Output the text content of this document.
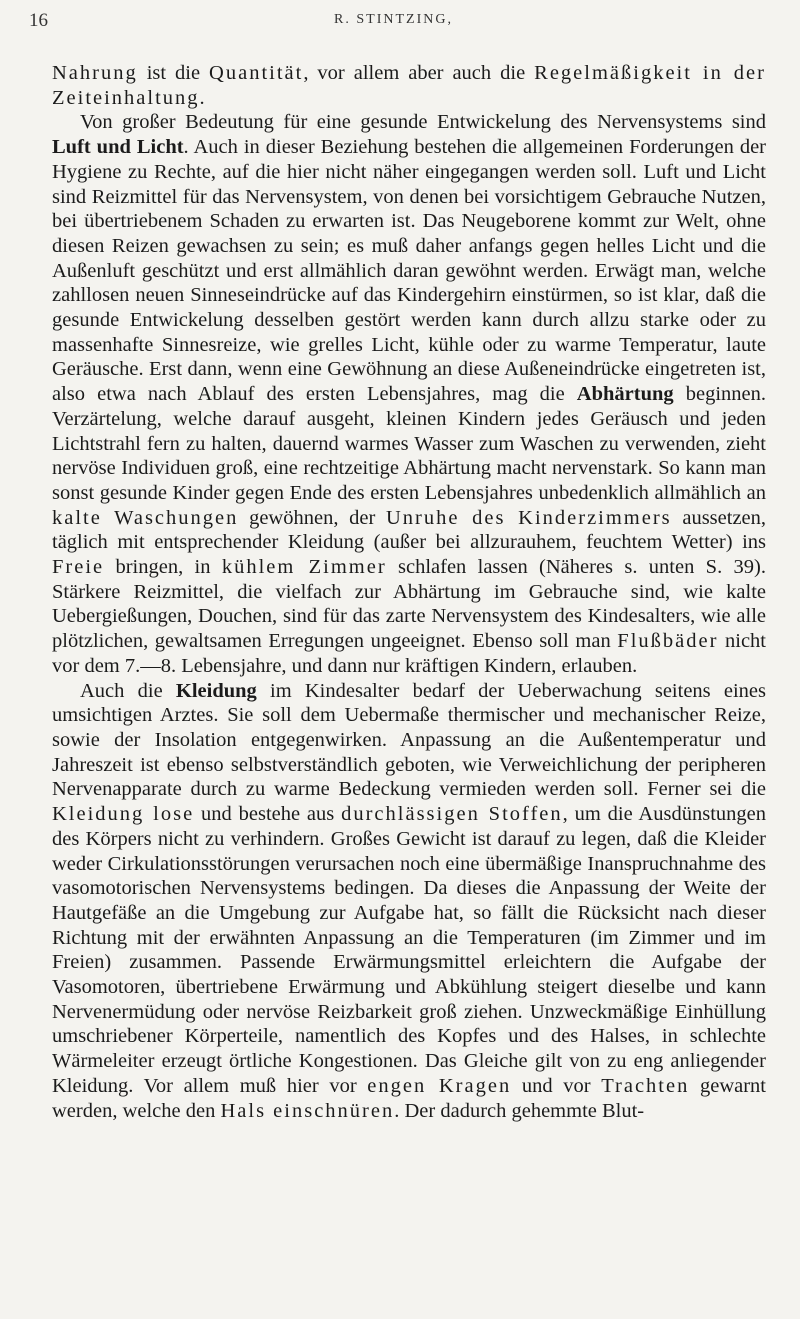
16	R. STINTZING,

Nahrung ist die Quantität, vor allem aber auch die Regelmäßigkeit in der Zeiteinhaltung.

Von großer Bedeutung für eine gesunde Entwickelung des Nervensystems sind Luft und Licht. Auch in dieser Beziehung bestehen die allgemeinen Forderungen der Hygiene zu Rechte, auf die hier nicht näher eingegangen werden soll. Luft und Licht sind Reizmittel für das Nervensystem, von denen bei vorsichtigem Gebrauche Nutzen, bei übertriebenem Schaden zu erwarten ist. Das Neugeborene kommt zur Welt, ohne diesen Reizen gewachsen zu sein; es muß daher anfangs gegen helles Licht und die Außenluft geschützt und erst allmählich daran gewöhnt werden. Erwägt man, welche zahllosen neuen Sinneseindrücke auf das Kindergehirn einstürmen, so ist klar, daß die gesunde Entwickelung desselben gestört werden kann durch allzu starke oder zu massenhafte Sinnesreize, wie grelles Licht, kühle oder zu warme Temperatur, laute Geräusche. Erst dann, wenn eine Gewöhnung an diese Außeneindrücke eingetreten ist, also etwa nach Ablauf des ersten Lebensjahres, mag die Abhärtung beginnen. Verzärtelung, welche darauf ausgeht, kleinen Kindern jedes Geräusch und jeden Lichtstrahl fern zu halten, dauernd warmes Wasser zum Waschen zu verwenden, zieht nervöse Individuen groß, eine rechtzeitige Abhärtung macht nervenstark. So kann man sonst gesunde Kinder gegen Ende des ersten Lebensjahres unbedenklich allmählich an kalte Waschungen gewöhnen, der Unruhe des Kinderzimmers aussetzen, täglich mit entsprechender Kleidung (außer bei allzurauhem, feuchtem Wetter) ins Freie bringen, in kühlem Zimmer schlafen lassen (Näheres s. unten S. 39). Stärkere Reizmittel, die vielfach zur Abhärtung im Gebrauche sind, wie kalte Uebergießungen, Douchen, sind für das zarte Nervensystem des Kindesalters, wie alle plötzlichen, gewaltsamen Erregungen ungeeignet. Ebenso soll man Flußbäder nicht vor dem 7.—8. Lebensjahre, und dann nur kräftigen Kindern, erlauben.

Auch die Kleidung im Kindesalter bedarf der Ueberwachung seitens eines umsichtigen Arztes. Sie soll dem Uebermaße thermischer und mechanischer Reize, sowie der Insolation entgegenwirken. Anpassung an die Außentemperatur und Jahreszeit ist ebenso selbstverständlich geboten, wie Verweichlichung der peripheren Nervenapparate durch zu warme Bedeckung vermieden werden soll. Ferner sei die Kleidung lose und bestehe aus durchlässigen Stoffen, um die Ausdünstungen des Körpers nicht zu verhindern. Großes Gewicht ist darauf zu legen, daß die Kleider weder Cirkulationsstörungen verursachen noch eine übermäßige Inanspruchnahme des vasomotorischen Nervensystems bedingen. Da dieses die Anpassung der Weite der Hautgefäße an die Umgebung zur Aufgabe hat, so fällt die Rücksicht nach dieser Richtung mit der erwähnten Anpassung an die Temperaturen (im Zimmer und im Freien) zusammen. Passende Erwärmungsmittel erleichtern die Aufgabe der Vasomotoren, übertriebene Erwärmung und Abkühlung steigert dieselbe und kann Nervenermüdung oder nervöse Reizbarkeit groß ziehen. Unzweckmäßige Einhüllung umschriebener Körperteile, namentlich des Kopfes und des Halses, in schlechte Wärmeleiter erzeugt örtliche Kongestionen. Das Gleiche gilt von zu eng anliegender Kleidung. Vor allem muß hier vor engen Kragen und vor Trachten gewarnt werden, welche den Hals einschnüren. Der dadurch gehemmte Blut-
